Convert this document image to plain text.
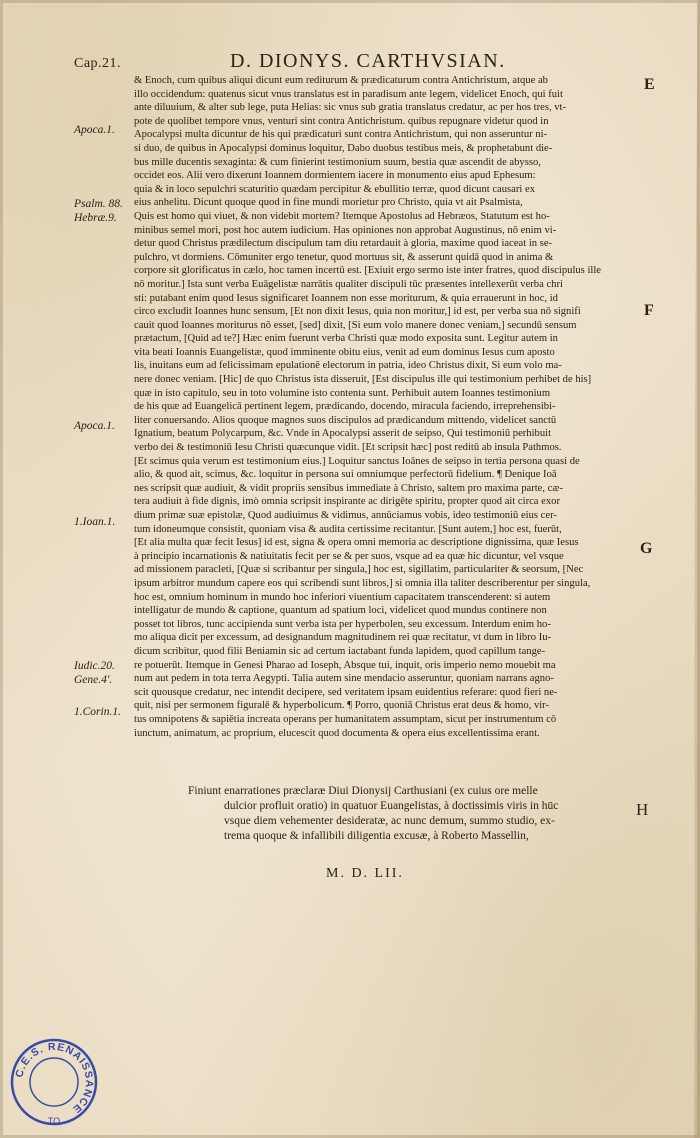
Cap.21.	D. DIONYS. CARTHVSIAN.
E
F
G
H
Apoca.1.
Psalm. 88.
Hebræ.9.
Apoca.1.
1.Ioan.1.
Iudic.20.
Gene.4'.
1.Corin.1.
& Enoch, cum quibus aliqui dicunt eum rediturum & prædicaturum contra Antichristum, atque ab
illo occidendum: quatenus sicut vnus translatus est in paradisum ante legem, videlicet Enoch, qui fuit
ante diluuium, & alter sub lege, puta Helias: sic vnus sub gratia translatus credatur, ac per hos tres, vt-
pote de quolibet tempore vnus, venturi sint contra Antichristum. quibus repugnare videtur quod in
Apocalypsi multa dicuntur de his qui prædicaturi sunt contra Antichristum, qui non asseruntur ni-
si duo, de quibus in Apocalypsi dominus loquitur, Dabo duobus testibus meis, & prophetabunt die-
bus mille ducentis sexaginta: & cum finierint testimonium suum, bestia quæ ascendit de abysso,
occidet eos. Alii vero dixerunt Ioannem dormientem iacere in monumento eius apud Ephesum:
quia & in loco sepulchri scaturitio quædam percipitur & ebullitio terræ, quod dicunt causari ex
eius anhelitu. Dicunt quoque quod in fine mundi morietur pro Christo, quia vt ait Psalmista,
Quis est homo qui viuet, & non videbit mortem? Itemque Apostolus ad Hebræos, Statutum est ho-
minibus semel mori, post hoc autem iudicium. Has opiniones non approbat Augustinus, nō enim vi-
detur quod Christus prædilectum discipulum tam diu retardauit à gloria, maxime quod iaceat in se-
pulchro, vt dormiens. Cōmuniter ergo tenetur, quod mortuus sit, & asserunt quidā quod in anima &
corpore sit glorificatus in cælo, hoc tamen incertū est. [Exiuit ergo sermo iste inter fratres, quod discipulus ille
nō moritur.] Ista sunt verba Euāgelistæ narrātis qualiter discipuli tūc præsentes intellexerūt verba chri
sti: putabant enim quod Iesus significaret Ioannem non esse moriturum, & quia errauerunt in hoc, id
circo excludit Ioannes hunc sensum, [Et non dixit Iesus, quia non moritur,] id est, per verba sua nō signifi
cauit quod Ioannes moriturus nō esset, [sed] dixit, [Si eum volo manere donec veniam,] secundū sensum
prætactum, [Quid ad te?] Hæc enim fuerunt verba Christi quæ modo exposita sunt. Legitur autem in
vita beati Ioannis Euangelistæ, quod imminente obitu eius, venit ad eum dominus Iesus cum aposto
lis, inuitans eum ad felicissimam epulationē electorum in patria, ideo Christus dixit, Si eum volo ma-
nere donec veniam. [Hic] de quo Christus ista disseruit, [Est discipulus ille qui testimonium perhibet de his]
quæ in isto capitulo, seu in toto volumine isto contenta sunt. Perhibuit autem Ioannes testimonium
de his quæ ad Euangelicā pertinent legem, prædicando, docendo, miracula faciendo, irreprehensibi-
liter conuersando. Alios quoque magnos suos discipulos ad prædicandum mittendo, videlicet sanctū
Ignatium, beatum Polycarpum, &c. Vnde in Apocalypsi asserit de seipso, Qui testimoniū perhibuit
verbo dei & testimoniū Iesu Christi quæcunque vidit. [Et scripsit hæc] post reditū ab insula Pathmos.
[Et scimus quia verum est testimonium eius.] Loquitur sanctus Ioānes de seipso in tertia persona quasi de
alio, & quod ait, scimus, &c. loquitur in persona sui omniumque perfectorū fidelium. ¶ Denique Ioā
nes scripsit quæ audiuit, & vidit propriis sensibus immediate à Christo, saltem pro maxima parte, cæ-
tera audiuit à fide dignis, imò omnia scripsit inspirante ac dirigēte spiritu, propter quod ait circa exor
dium primæ suæ epistolæ, Quod audiuimus & vidimus, annūciamus vobis, ideo testimoniū eius cer-
tum idoneumque consistit, quoniam visa & audita certissime recitantur. [Sunt autem,] hoc est, fuerūt,
[Et alia multa quæ fecit Iesus] id est, signa & opera omni memoria ac descriptione dignissima, quæ Iesus
à principio incarnationis & natiuitatis fecit per se & per suos, vsque ad ea quæ hic dicuntur, vel vsque
ad missionem paracleti, [Quæ si scribantur per singula,] hoc est, sigillatim, particulariter & seorsum, [Nec
ipsum arbitror mundum capere eos qui scribendi sunt libros,] si omnia illa taliter describerentur per singula,
hoc est, omnium hominum in mundo hoc inferiori viuentium capacitatem transcenderent: si autem
intelligatur de mundo & captione, quantum ad spatium loci, videlicet quod mundus continere non
posset tot libros, tunc accipienda sunt verba ista per hyperbolen, seu excessum. Interdum enim ho-
mo aliqua dicit per excessum, ad designandum magnitudinem rei quæ recitatur, vt dum in libro Iu-
dicum scribitur, quod filii Beniamin sic ad certum iactabant funda lapidem, quod capillum tange-
re potuerūt. Itemque in Genesi Pharao ad Ioseph, Absque tui, inquit, oris imperio nemo mouebit ma
num aut pedem in tota terra Aegypti. Talia autem sine mendacio asseruntur, quoniam narrans agno-
scit quousque credatur, nec intendit decipere, sed veritatem ipsam euidentius referare: quod fieri ne-
quit, nisi per sermonem figuralē & hyperbolicum. ¶ Porro, quoniā Christus erat deus & homo, vir-
tus omnipotens & sapiētia increata operans per humanitatem assumptam, sicut per instrumentum cō
iunctum, animatum, ac proprium, elucescit quod documenta & opera eius excellentissima erant.
Finiunt enarrationes præclaræ Diui Dionysij Carthusiani (ex cuius ore melle
dulcior profluit oratio) in quatuor Euangelistas, à doctissimis viris in hūc
vsque diem vehementer desideratæ, ac nunc demum, summo studio, ex-
trema quoque & infallibili diligentia excusæ, à Roberto Massellin,
M. D. LII.
C.E.S. RENAISSANCE
TO
